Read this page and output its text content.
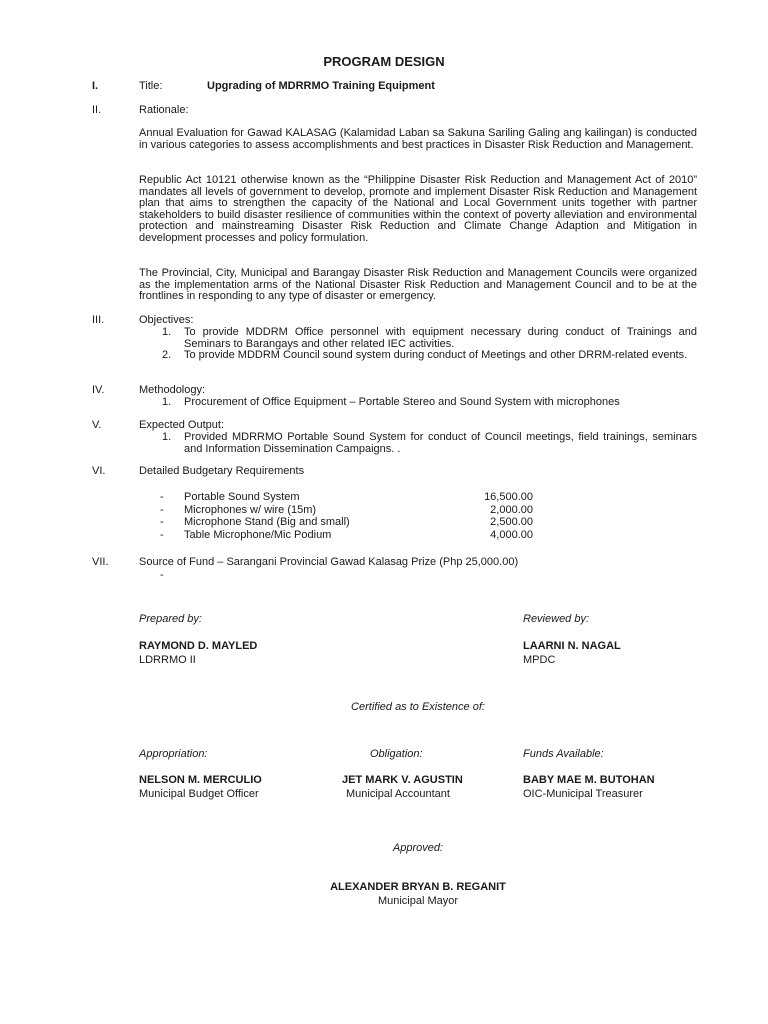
PROGRAM DESIGN
I.	Title:	Upgrading of MDRRMO Training Equipment
II.	Rationale:

Annual Evaluation for Gawad KALASAG (Kalamidad Laban sa Sakuna Sariling Galing ang kailingan) is conducted in various categories to assess accomplishments and best practices in Disaster Risk Reduction and Management.

Republic Act 10121 otherwise known as the “Philippine Disaster Risk Reduction and Management Act of 2010” mandates all levels of government to develop, promote and implement Disaster Risk Reduction and Management plan that aims to strengthen the capacity of the National and Local Government units together with partner stakeholders to build disaster resilience of communities within the context of poverty alleviation and environmental protection and mainstreaming Disaster Risk Reduction and Climate Change Adaption and Mitigation in development processes and policy formulation.

The Provincial, City, Municipal and Barangay Disaster Risk Reduction and Management Councils were organized as the implementation arms of the National Disaster Risk Reduction and Management Council and to be at the frontlines in responding to any type of disaster or emergency.

III.	Objectives:
1.	To provide MDDRM Office personnel with equipment necessary during conduct of Trainings and Seminars to Barangays and other related IEC activities.
2.	To provide MDDRM Council sound system during conduct of Meetings and other DRRM-related events.
IV.	Methodology:
1.	Procurement of Office Equipment – Portable Stereo and Sound System with microphones
V.	Expected Output:
1.	Provided MDRRMO Portable Sound System for conduct of Council meetings, field trainings, seminars and Information Dissemination Campaigns. .
VI.	Detailed Budgetary Requirements
-	Portable Sound System	16,500.00
-	Microphones w/ wire (15m)	2,000.00
-	Microphone Stand (Big and small)	2,500.00
-	Table Microphone/Mic Podium	4,000.00
VII.	Source of Fund – Sarangani Provincial Gawad Kalasag Prize (Php 25,000.00)
-
Prepared by:
RAYMOND D. MAYLED
LDRRMO II
Reviewed by:
LAARNI N. NAGAL
MPDC
Certified as to Existence of:
Appropriation:
NELSON M. MERCULIO
Municipal Budget Officer
Obligation:
JET MARK V. AGUSTIN
Municipal Accountant
Funds Available:
BABY MAE M. BUTOHAN
OIC-Municipal Treasurer
Approved:
ALEXANDER BRYAN B. REGANIT
Municipal Mayor
